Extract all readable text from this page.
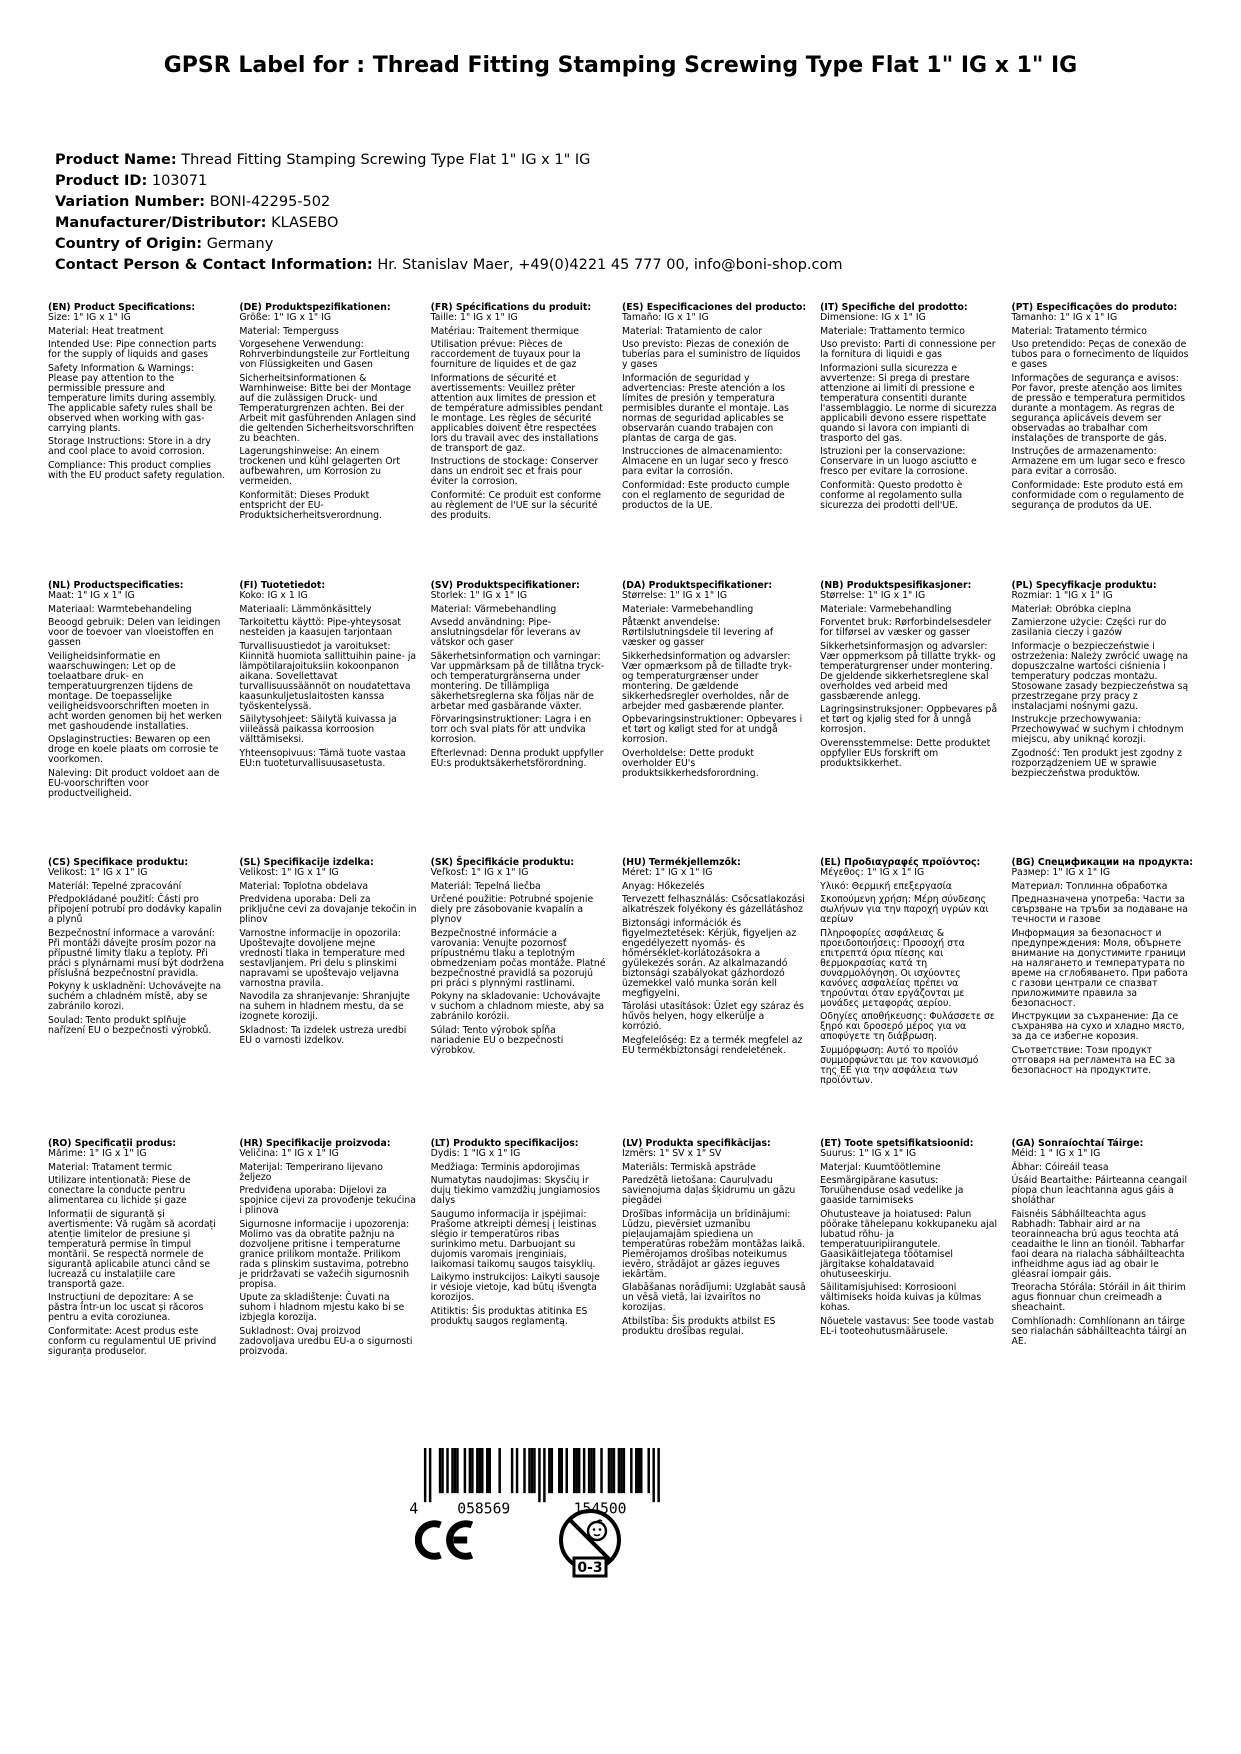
GPSR Label for : Thread Fitting Stamping Screwing Type Flat 1" IG x 1" IG
Product Name: Thread Fitting Stamping Screwing Type Flat 1" IG x 1" IG
Product ID: 103071
Variation Number: BONI-42295-502
Manufacturer/Distributor: KLASEBO
Country of Origin: Germany
Contact Person & Contact Information: Hr. Stanislav Maer, +49(0)4221 45 777 00, info@boni-shop.com
(EN) Product Specifications:
Size: 1" IG x 1" IG
Material: Heat treatment
Intended Use: Pipe connection parts for the supply of liquids and gases
Safety Information & Warnings: Please pay attention to the permissible pressure and temperature limits during assembly. The applicable safety rules shall be observed when working with gas-carrying plants.
Storage Instructions: Store in a dry and cool place to avoid corrosion.
Compliance: This product complies with the EU product safety regulation.
(DE) Produktspezifikationen:
Größe: 1" IG x 1" IG
Material: Temperguss
Vorgesehene Verwendung: Rohrverbindungsteile zur Fortleitung von Flüssigkeiten und Gasen
Sicherheitsinformationen & Warnhinweise: Bitte bei der Montage auf die zulässigen Druck- und Temperaturgrenzen achten. Bei der Arbeit mit gasführenden Anlagen sind die geltenden Sicherheitsvorschriften zu beachten.
Lagerungshinweise: An einem trockenen und kühl gelagerten Ort aufbewahren, um Korrosion zu vermeiden.
Konformität: Dieses Produkt entspricht der EU-Produktsicherheitsverordnung.
(FR) Spécifications du produit:
Taille: 1" IG x 1" IG
Matériau: Traitement thermique
Utilisation prévue: Pièces de raccordement de tuyaux pour la fourniture de liquides et de gaz
Informations de sécurité et avertissements: Veuillez prêter attention aux limites de pression et de température admissibles pendant le montage. Les règles de sécurité applicables doivent être respectées lors du travail avec des installations de transport de gaz.
Instructions de stockage: Conserver dans un endroit sec et frais pour éviter la corrosion.
Conformité: Ce produit est conforme au règlement de l'UE sur la sécurité des produits.
(ES) Especificaciones del producto:
Tamaño: IG x 1" IG
Material: Tratamiento de calor
Uso previsto: Piezas de conexión de tuberías para el suministro de líquidos y gases
Información de seguridad y advertencias: Preste atención a los límites de presión y temperatura permisibles durante el montaje. Las normas de seguridad aplicables se observarán cuando trabajen con plantas de carga de gas.
Instrucciones de almacenamiento: Almacene en un lugar seco y fresco para evitar la corrosión.
Conformidad: Este producto cumple con el reglamento de seguridad de productos de la UE.
(IT) Specifiche del prodotto:
Dimensione: IG x 1" IG
Materiale: Trattamento termico
Uso previsto: Parti di connessione per la fornitura di liquidi e gas
Informazioni sulla sicurezza e avvertenze: Si prega di prestare attenzione ai limiti di pressione e temperatura consentiti durante l'assemblaggio. Le norme di sicurezza applicabili devono essere rispettate quando si lavora con impianti di trasporto del gas.
Istruzioni per la conservazione: Conservare in un luogo asciutto e fresco per evitare la corrosione.
Conformità: Questo prodotto è conforme al regolamento sulla sicurezza dei prodotti dell'UE.
(PT) Especificações do produto:
Tamanho: 1" IG x 1" IG
Material: Tratamento térmico
Uso pretendido: Peças de conexão de tubos para o fornecimento de líquidos e gases
Informações de segurança e avisos: Por favor, preste atenção aos limites de pressão e temperatura permitidos durante a montagem. As regras de segurança aplicáveis devem ser observadas ao trabalhar com instalações de transporte de gás.
Instruções de armazenamento: Armazene em um lugar seco e fresco para evitar a corrosão.
Conformidade: Este produto está em conformidade com o regulamento de segurança de produtos da UE.
(NL) Productspecificaties:
Maat: 1" IG x 1" IG
Materiaal: Warmtebehandeling
Beoogd gebruik: Delen van leidingen voor de toevoer van vloeistoffen en gassen
Veiligheidsinformatie en waarschuwingen: Let op de toelaatbare druk- en temperatuurgrenzen tijdens de montage. De toepasselijke veiligheidsvoorschriften moeten in acht worden genomen bij het werken met gashoudende installaties.
Opslaginstructies: Bewaren op een droge en koele plaats om corrosie te voorkomen.
Naleving: Dit product voldoet aan de EU-voorschriften voor productveiligheid.
(FI) Tuotetiedot:
Koko: IG x 1 IG
Materiaali: Lämmönkäsittely
Tarkoitettu käyttö: Pipe-yhteysosat nesteiden ja kaasujen tarjontaan
Turvallisuustiedot ja varoitukset: Kiinnitä huomiota sallittuihin paine- ja lämpötilarajoituksiin kokoonpanon aikana. Sovellettavat turvallisuussäännöt on noudatettava kaasunkuljetuslaitosten kanssa työskentelyssä.
Säilytysohjeet: Säilytä kuivassa ja viileässä paikassa korroosion välttämiseksi.
Yhteensopivuus: Tämä tuote vastaa EU:n tuoteturvallisuusasetusta.
(SV) Produktspecifikationer:
Storlek: 1" IG x 1" IG
Material: Värmebehandling
Avsedd användning: Pipe-anslutningsdelar för leverans av vätskor och gaser
Säkerhetsinformation och varningar: Var uppmärksam på de tillåtna tryck- och temperaturgränserna under montering. De tillämpliga säkerhetsreglerna ska följas när de arbetar med gasbärande växter.
Förvaringsinstruktioner: Lagra i en torr och sval plats för att undvika korrosion.
Efterlevnad: Denna produkt uppfyller EU:s produktsäkerhetsförordning.
(DA) Produktspecifikationer:
Størrelse: 1" IG x 1" IG
Materiale: Varmebehandling
Påtænkt anvendelse: Rørtilslutningsdele til levering af væsker og gasser
Sikkerhedsinformation og advarsler: Vær opmærksom på de tilladte tryk- og temperaturgrænser under montering. De gældende sikkerhedsregler overholdes, når de arbejder med gasbærende planter.
Opbevaringsinstruktioner: Opbevares i et tørt og køligt sted for at undgå korrosion.
Overholdelse: Dette produkt overholder EU's produktsikkerhedsforordning.
(NB) Produktspesifikasjoner:
Størrelse: 1" IG x 1" IG
Materiale: Varmebehandling
Forventet bruk: Rørforbindelsesdeler for tilførsel av væsker og gasser
Sikkerhetsinformasjon og advarsler: Vær oppmerksom på tillatte trykk- og temperaturgrenser under montering. De gjeldende sikkerhetsreglene skal overholdes ved arbeid med gassbærende anlegg.
Lagringsinstruksjoner: Oppbevares på et tørt og kjølig sted for å unngå korrosjon.
Overensstemmelse: Dette produktet oppfyller EUs forskrift om produktsikkerhet.
(PL) Specyfikacje produktu:
Rozmiar: 1 "IG x 1" IG
Materiał: Obróbka cieplna
Zamierzone użycie: Części rur do zasilania cieczy i gazów
Informacje o bezpieczeństwie i ostrzeżenia: Należy zwrócić uwagę na dopuszczalne wartości ciśnienia i temperatury podczas montażu. Stosowane zasady bezpieczeństwa są przestrzegane przy pracy z instalacjami nośnymi gazu.
Instrukcje przechowywania: Przechowywać w suchym i chłodnym miejscu, aby uniknąć korozji.
Zgodność: Ten produkt jest zgodny z rozporządzeniem UE w sprawie bezpieczeństwa produktów.
(CS) Specifikace produktu:
Velikost: 1" IG x 1" IG
Materiál: Tepelné zpracování
Předpokládané použití: Části pro připojení potrubí pro dodávky kapalin a plynů
Bezpečnostní informace a varování: Při montáži dávejte prosím pozor na přípustné limity tlaku a teploty. Při práci s plynárnami musí být dodržena příslušná bezpečnostní pravidla.
Pokyny k uskladnění: Uchovávejte na suchém a chladném místě, aby se zabránilo korozi.
Soulad: Tento produkt splňuje nařízení EU o bezpečnosti výrobků.
(SL) Specifikacije izdelka:
Velikost: 1" IG x 1" IG
Material: Toplotna obdelava
Predvidena uporaba: Deli za priključne cevi za dovajanje tekočin in plinov
Varnostne informacije in opozorila: Upoštevajte dovoljene mejne vrednosti tlaka in temperature med sestavljanjem. Pri delu s plinskimi napravami se upoštevajo veljavna varnostna pravila.
Navodila za shranjevanje: Shranjujte na suhem in hladnem mestu, da se izognete koroziji.
Skladnost: Ta izdelek ustreza uredbi EU o varnosti izdelkov.
(SK) Špecifikácie produktu:
Veľkosť: 1" IG x 1" IG
Materiál: Tepelná liečba
Určené použitie: Potrubné spojenie diely pre zásobovanie kvapalín a plynov
Bezpečnostné informácie a varovania: Venujte pozornosť prípustnému tlaku a teplotným obmedzeniam počas montáže. Platné bezpečnostné pravidlá sa pozorujú pri práci s plynnými rastlinami.
Pokyny na skladovanie: Uchovávajte v suchom a chladnom mieste, aby sa zabránilo korózii.
Súlad: Tento výrobok spĺňa nariadenie EÚ o bezpečnosti výrobkov.
(HU) Termékjellemzők:
Méret: 1" IG x 1" IG
Anyag: Hőkezelés
Tervezett felhasználás: Csőcsatlakozási alkatrészek folyékony és gázellátáshoz
Biztonsági információk és figyelmeztetések: Kérjük, figyeljen az engedélyezett nyomás- és hőmérséklet-korlátozásokra a gyülekezés során. Az alkalmazandó biztonsági szabályokat gázhordozó üzemekkel való munka során kell megfigyelni.
Tárolási utasítások: Üzlet egy száraz és hűvös helyen, hogy elkerülje a korrózió.
Megfelelőség: Ez a termék megfelel az EU termékbiztonsági rendeletének.
(EL) Προδιαγραφές προϊόντος:
Μέγεθος: 1" IG x 1" IG
Υλικό: Θερμική επεξεργασία
Σκοπούμενη χρήση: Μέρη σύνδεσης σωλήνων για την παροχή υγρών και αερίων
Πληροφορίες ασφάλειας & προειδοποιήσεις: Προσοχή στα επιτρεπτά όρια πίεσης και θερμοκρασίας κατά τη συναρμολόγηση. Οι ισχύοντες κανόνες ασφαλείας πρέπει να τηρούνται όταν εργάζονται με μονάδες μεταφοράς αερίου.
Οδηγίες αποθήκευσης: Φυλάσσετε σε ξηρό και δροσερό μέρος για να αποφύγετε τη διάβρωση.
Συμμόρφωση: Αυτό το προϊόν συμμορφώνεται με τον κανονισμό της ΕΕ για την ασφάλεια των προϊόντων.
(BG) Спецификации на продукта:
Размер: 1" IG x 1" IG
Материал: Топлинна обработка
Предназначена употреба: Части за свързване на тръби за подаване на течности и газове
Информация за безопасност и предупреждения: Моля, обърнете внимание на допустимите граници на налягането и температурата по време на сглобяването. При работа с газови централи се спазват приложимите правила за безопасност.
Инструкции за съхранение: Да се съхранява на сухо и хладно място, за да се избегне корозия.
Съответствие: Този продукт отговаря на регламента на ЕС за безопасност на продуктите.
(RO) Specificații produs:
Mărime: 1" IG x 1" IG
Material: Tratament termic
Utilizare intenționată: Piese de conectare la conducte pentru alimentarea cu lichide și gaze
Informații de siguranță și avertismente: Vă rugăm să acordați atenție limitelor de presiune și temperatură permise în timpul montării. Se respectă normele de siguranță aplicabile atunci când se lucrează cu instalațiile care transportă gaze.
Instrucțiuni de depozitare: A se păstra într-un loc uscat și răcoros pentru a evita coroziunea.
Conformitate: Acest produs este conform cu regulamentul UE privind siguranța produselor.
(HR) Specifikacije proizvoda:
Veličina: 1" IG x 1" IG
Materijal: Temperirano lijevano željezo
Predviđena uporaba: Dijelovi za spojnice cijevi za provođenje tekućina i plinova
Sigurnosne informacije i upozorenja: Molimo vas da obratite pažnju na dozvoljene pritisne i temperaturne granice prilikom montaže. Prilikom rada s plinskim sustavima, potrebno je pridržavati se važećih sigurnosnih propisa.
Upute za skladištenje: Čuvati na suhom i hladnom mjestu kako bi se izbjegla korozija.
Sukladnost: Ovaj proizvod zadovoljava uredbu EU-a o sigurnosti proizvoda.
(LT) Produkto specifikacijos:
Dydis: 1 "IG x 1" IG
Medžiaga: Terminis apdorojimas
Numatytas naudojimas: Skysčių ir dujų tiekimo vamzdžių jungiamosios dalys
Saugumo informacija ir įspėjimai: Prašome atkreipti dėmesį į leistinas slėgio ir temperatūros ribas surinkimo metu. Darbuojant su dujomis varomais įrenginiais, laikomasi taikomų saugos taisyklių.
Laikymo instrukcijos: Laikyti sausoje ir vėsioje vietoje, kad būtų išvengta korozijos.
Atitiktis: Šis produktas atitinka ES produktų saugos reglamentą.
(LV) Produkta specifikācijas:
Izmērs: 1" SV x 1" SV
Materiāls: Termiskā apstrāde
Paredzētā lietošana: Cauruļvadu savienojuma daļas šķidrumu un gāzu piegādei
Drošības informācija un brīdinājumi: Lūdzu, pievērsiet uzmanību pieļaujamajām spiediena un temperatūras robežām montāžas laikā. Piemērojamos drošības noteikumus ievēro, strādājot ar gāzes ieguves iekārtām.
Glabāšanas norādījumi: Uzglabāt sausā un vēsā vietā, lai izvairītos no korozijas.
Atbilstība: Šis produkts atbilst ES produktu drošības regulai.
(ET) Toote spetsifikatsioonid:
Suurus: 1" IG x 1" IG
Materjal: Kuumtöötlemine
Eesmärgipärane kasutus: Toruühenduse osad vedelike ja gaaside tarnimiseks
Ohutusteave ja hoiatused: Palun pöörake tähelepanu kokkupaneku ajal lubatud rõhu- ja temperatuuripiirangutele. Gaasikäitlejatega töötamisel järgitakse kohaldatavaid ohutuseeskirju.
Säilitamisjuhised: Korrosiooni vältimiseks hoida kuivas ja külmas kohas.
Nõuetele vastavus: See toode vastab EL-i tooteohutusmäärusele.
(GA) Sonraíochtaí Táirge:
Méid: 1 " IG x 1" IG
Ábhar: Cóireáil teasa
Úsáid Beartaithe: Páirteanna ceangail píopa chun leachtanna agus gáis a sholáthar
Faisnéis Sábháilteachta agus Rabhadh: Tabhair aird ar na teorainneacha brú agus teochta atá ceadaithe le linn an tionóil. Tabharfar faoi deara na rialacha sábháilteachta infheidhme agus iad ag obair le gléasraí iompair gáis.
Treoracha Stórála: Stóráil in áit thirim agus fionnuar chun creimeadh a sheachaint.
Comhlíonadh: Comhlíonann an táirge seo rialachán sábháilteachta táirgí an AE.
4	058569	154500
0-3
